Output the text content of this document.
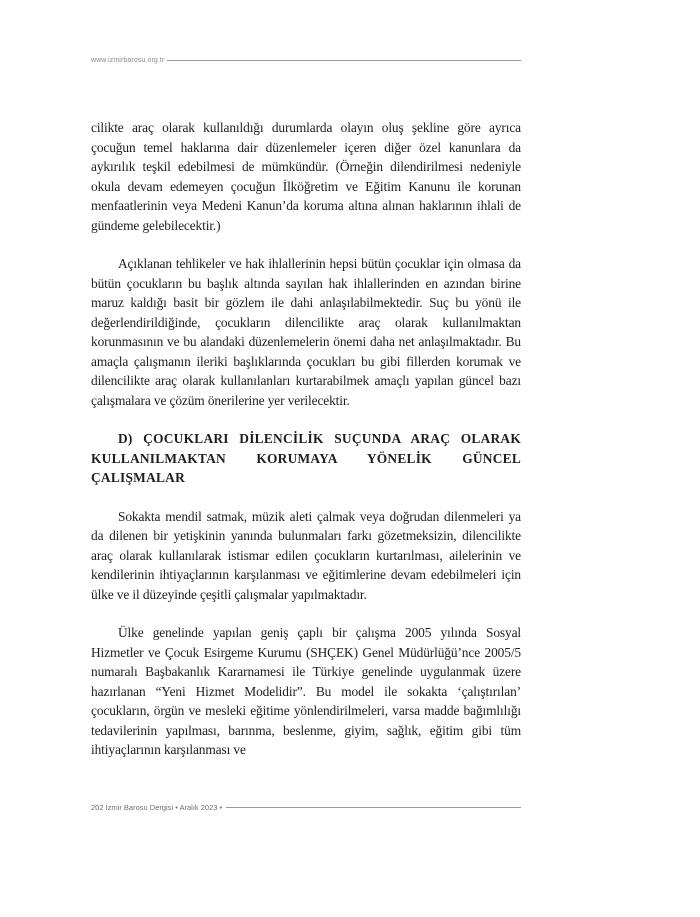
www.izmirbarosu.org.tr

cilikte araç olarak kullanıldığı durumlarda olayın oluş şekline göre ayrıca çocuğun temel haklarına dair düzenlemeler içeren diğer özel kanunlara da aykırılık teşkil edebilmesi de mümkündür. (Örneğin dilendirilmesi nedeniyle okula devam edemeyen çocuğun İlköğretim ve Eğitim Kanunu ile korunan menfaatlerinin veya Medeni Kanun’da koruma altına alınan haklarının ihlali de gündeme gelebilecektir.)

Açıklanan tehlikeler ve hak ihlallerinin hepsi bütün çocuklar için olmasa da bütün çocukların bu başlık altında sayılan hak ihlallerinden en azından birine maruz kaldığı basit bir gözlem ile dahi anlaşılabilmektedir. Suç bu yönü ile değerlendirildiğinde, çocukların dilencilikte araç olarak kullanılmaktan korunmasının ve bu alandaki düzenlemelerin önemi daha net anlaşılmaktadır. Bu amaçla çalışmanın ileriki başlıklarında çocukları bu gibi fillerden korumak ve dilencilikte araç olarak kullanılanları kurtarabilmek amaçlı yapılan güncel bazı çalışmalara ve çözüm önerilerine yer verilecektir.

D) ÇOCUKLARI DİLENCİLİK SUÇUNDA ARAÇ OLARAK KULLANILMAKTAN KORUMAYA YÖNELİK GÜNCEL ÇALIŞMALAR

Sokakta mendil satmak, müzik aleti çalmak veya doğrudan dilenmeleri ya da dilenen bir yetişkinin yanında bulunmaları farkı gözetmeksizin, dilencilikte araç olarak kullanılarak istismar edilen çocukların kurtarılması, ailelerinin ve kendilerinin ihtiyaçlarının karşılanması ve eğitimlerine devam edebilmeleri için ülke ve il düzeyinde çeşitli çalışmalar yapılmaktadır.

Ülke genelinde yapılan geniş çaplı bir çalışma 2005 yılında Sosyal Hizmetler ve Çocuk Esirgeme Kurumu (SHÇEK) Genel Müdürlüğü’nce 2005/5 numaralı Başbakanlık Kararnamesi ile Türkiye genelinde uygulanmak üzere hazırlanan “Yeni Hizmet Modelidir”. Bu model ile sokakta ‘çalıştırılan’ çocukların, örgün ve mesleki eğitime yönlendirilmeleri, varsa madde bağımlılığı tedavilerinin yapılması, barınma, beslenme, giyim, sağlık, eğitim gibi tüm ihtiyaçlarının karşılanması ve

202 İzmir Barosu Dergisi • Aralık 2023 •
